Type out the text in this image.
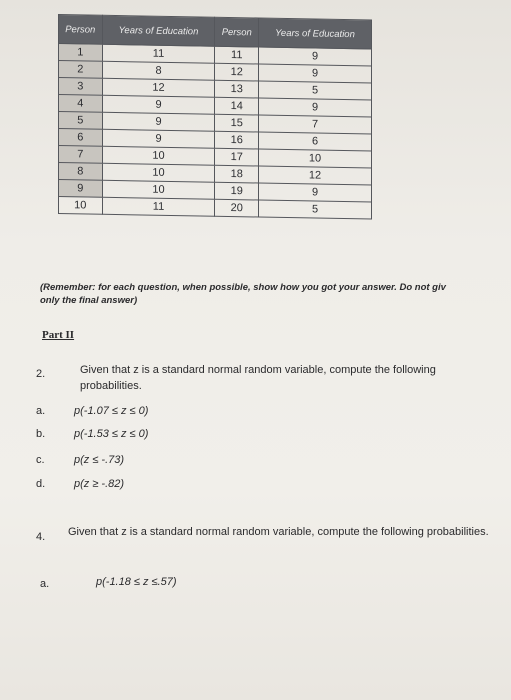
Person	Years of Education	Person	Years of Education
1	11	11	9
2	8	12	9
3	12	13	5
4	9	14	9
5	9	15	7
6	9	16	6
7	10	17	10
8	10	18	12
9	10	19	9
10	11	20	5
(Remember: for each question, when possible, show how you got your answer. Do not giv
only the final answer)
Part II
2.	Given that z is a standard normal random variable, compute the following probabilities.
a.	p(-1.07 ≤ z ≤ 0)
b.	p(-1.53 ≤ z ≤ 0)
c.	p(z ≤ -.73)
d.	p(z ≥ -.82)
4. Given that z is a standard normal random variable, compute the following probabilities.
a.	p(-1.18 ≤ z ≤.57)
